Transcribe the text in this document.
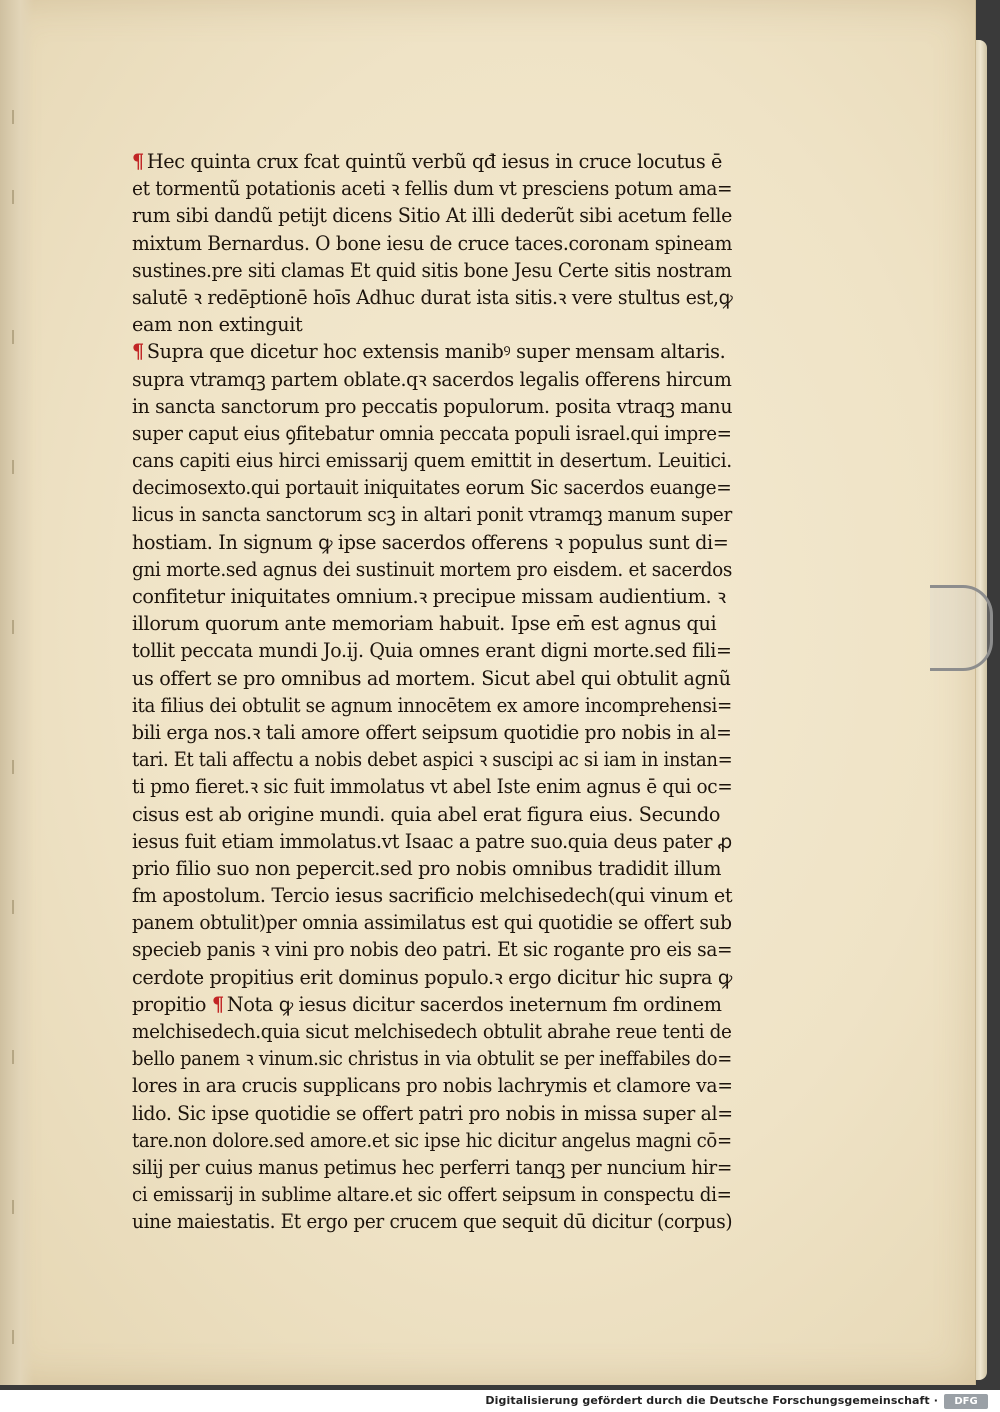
¶ Hec quinta crux fcat quintũ verbũ qđ iesus in cruce locutus ē
et tormentũ potationis aceti ꝛ fellis dum vt presciens potum ama=
rum sibi dandũ petijt dicens Sitio At illi dederũt sibi acetum felle
mixtum Bernardus. O bone iesu de cruce taces.coronam spineam
sustines.pre siti clamas Et quid sitis bone Jesu Certe sitis nostram
salutē ꝛ redēptionē hoīs Adhuc durat ista sitis.ꝛ vere stultus est,ꝙ
eam non extinguit
¶ Supra que dicetur hoc extensis manibꝰ super mensam altaris.
supra vtramqꝫ partem oblate.qꝛ sacerdos legalis offerens hircum
in sancta sanctorum pro peccatis populorum. posita vtraqꝫ manu
super caput eius ꝯfitebatur omnia peccata populi israel.qui impre=
cans capiti eius hirci emissarij quem emittit in desertum. Leuitici.
decimosexto.qui portauit iniquitates eorum Sic sacerdos euange=
licus in sancta sanctorum scꝫ in altari ponit vtramqꝫ manum super
hostiam. In signum ꝙ ipse sacerdos offerens ꝛ populus sunt di=
gni morte.sed agnus dei sustinuit mortem pro eisdem. et sacerdos
confitetur iniquitates omnium.ꝛ precipue missam audientium. ꝛ
illorum quorum ante memoriam habuit. Ipse em̄ est agnus qui
tollit peccata mundi Jo.ij. Quia omnes erant digni morte.sed fili=
us offert se pro omnibus ad mortem. Sicut abel qui obtulit agnũ
ita filius dei obtulit se agnum innocētem ex amore incomprehensi=
bili erga nos.ꝛ tali amore offert seipsum quotidie pro nobis in al=
tari. Et tali affectu a nobis debet aspici ꝛ suscipi ac si iam in instan=
ti pmo fieret.ꝛ sic fuit immolatus vt abel Iste enim agnus ē qui oc=
cisus est ab origine mundi. quia abel erat figura eius. Secundo
iesus fuit etiam immolatus.vt Isaac a patre suo.quia deus pater ꝓ
prio filio suo non pepercit.sed pro nobis omnibus tradidit illum
fm apostolum. Tercio iesus sacrificio melchisedech(qui vinum et
panem obtulit)per omnia assimilatus est qui quotidie se offert sub
specieb panis ꝛ vini pro nobis deo patri. Et sic rogante pro eis sa=
cerdote propitius erit dominus populo.ꝛ ergo dicitur hic supra ꝙ
propitio ¶ Nota ꝙ iesus dicitur sacerdos ineternum fm ordinem
melchisedech.quia sicut melchisedech obtulit abrahe reue tenti de
bello panem ꝛ vinum.sic christus in via obtulit se per ineffabiles do=
lores in ara crucis supplicans pro nobis lachrymis et clamore va=
lido. Sic ipse quotidie se offert patri pro nobis in missa super al=
tare.non dolore.sed amore.et sic ipse hic dicitur angelus magni cō=
silij per cuius manus petimus hec perferri tanqꝫ per nuncium hir=
ci emissarij in sublime altare.et sic offert seipsum in conspectu di=
uine maiestatis. Et ergo per crucem que sequit dū dicitur (corpus)
Digitalisierung gefördert durch die Deutsche Forschungsgemeinschaft ·	DFG
